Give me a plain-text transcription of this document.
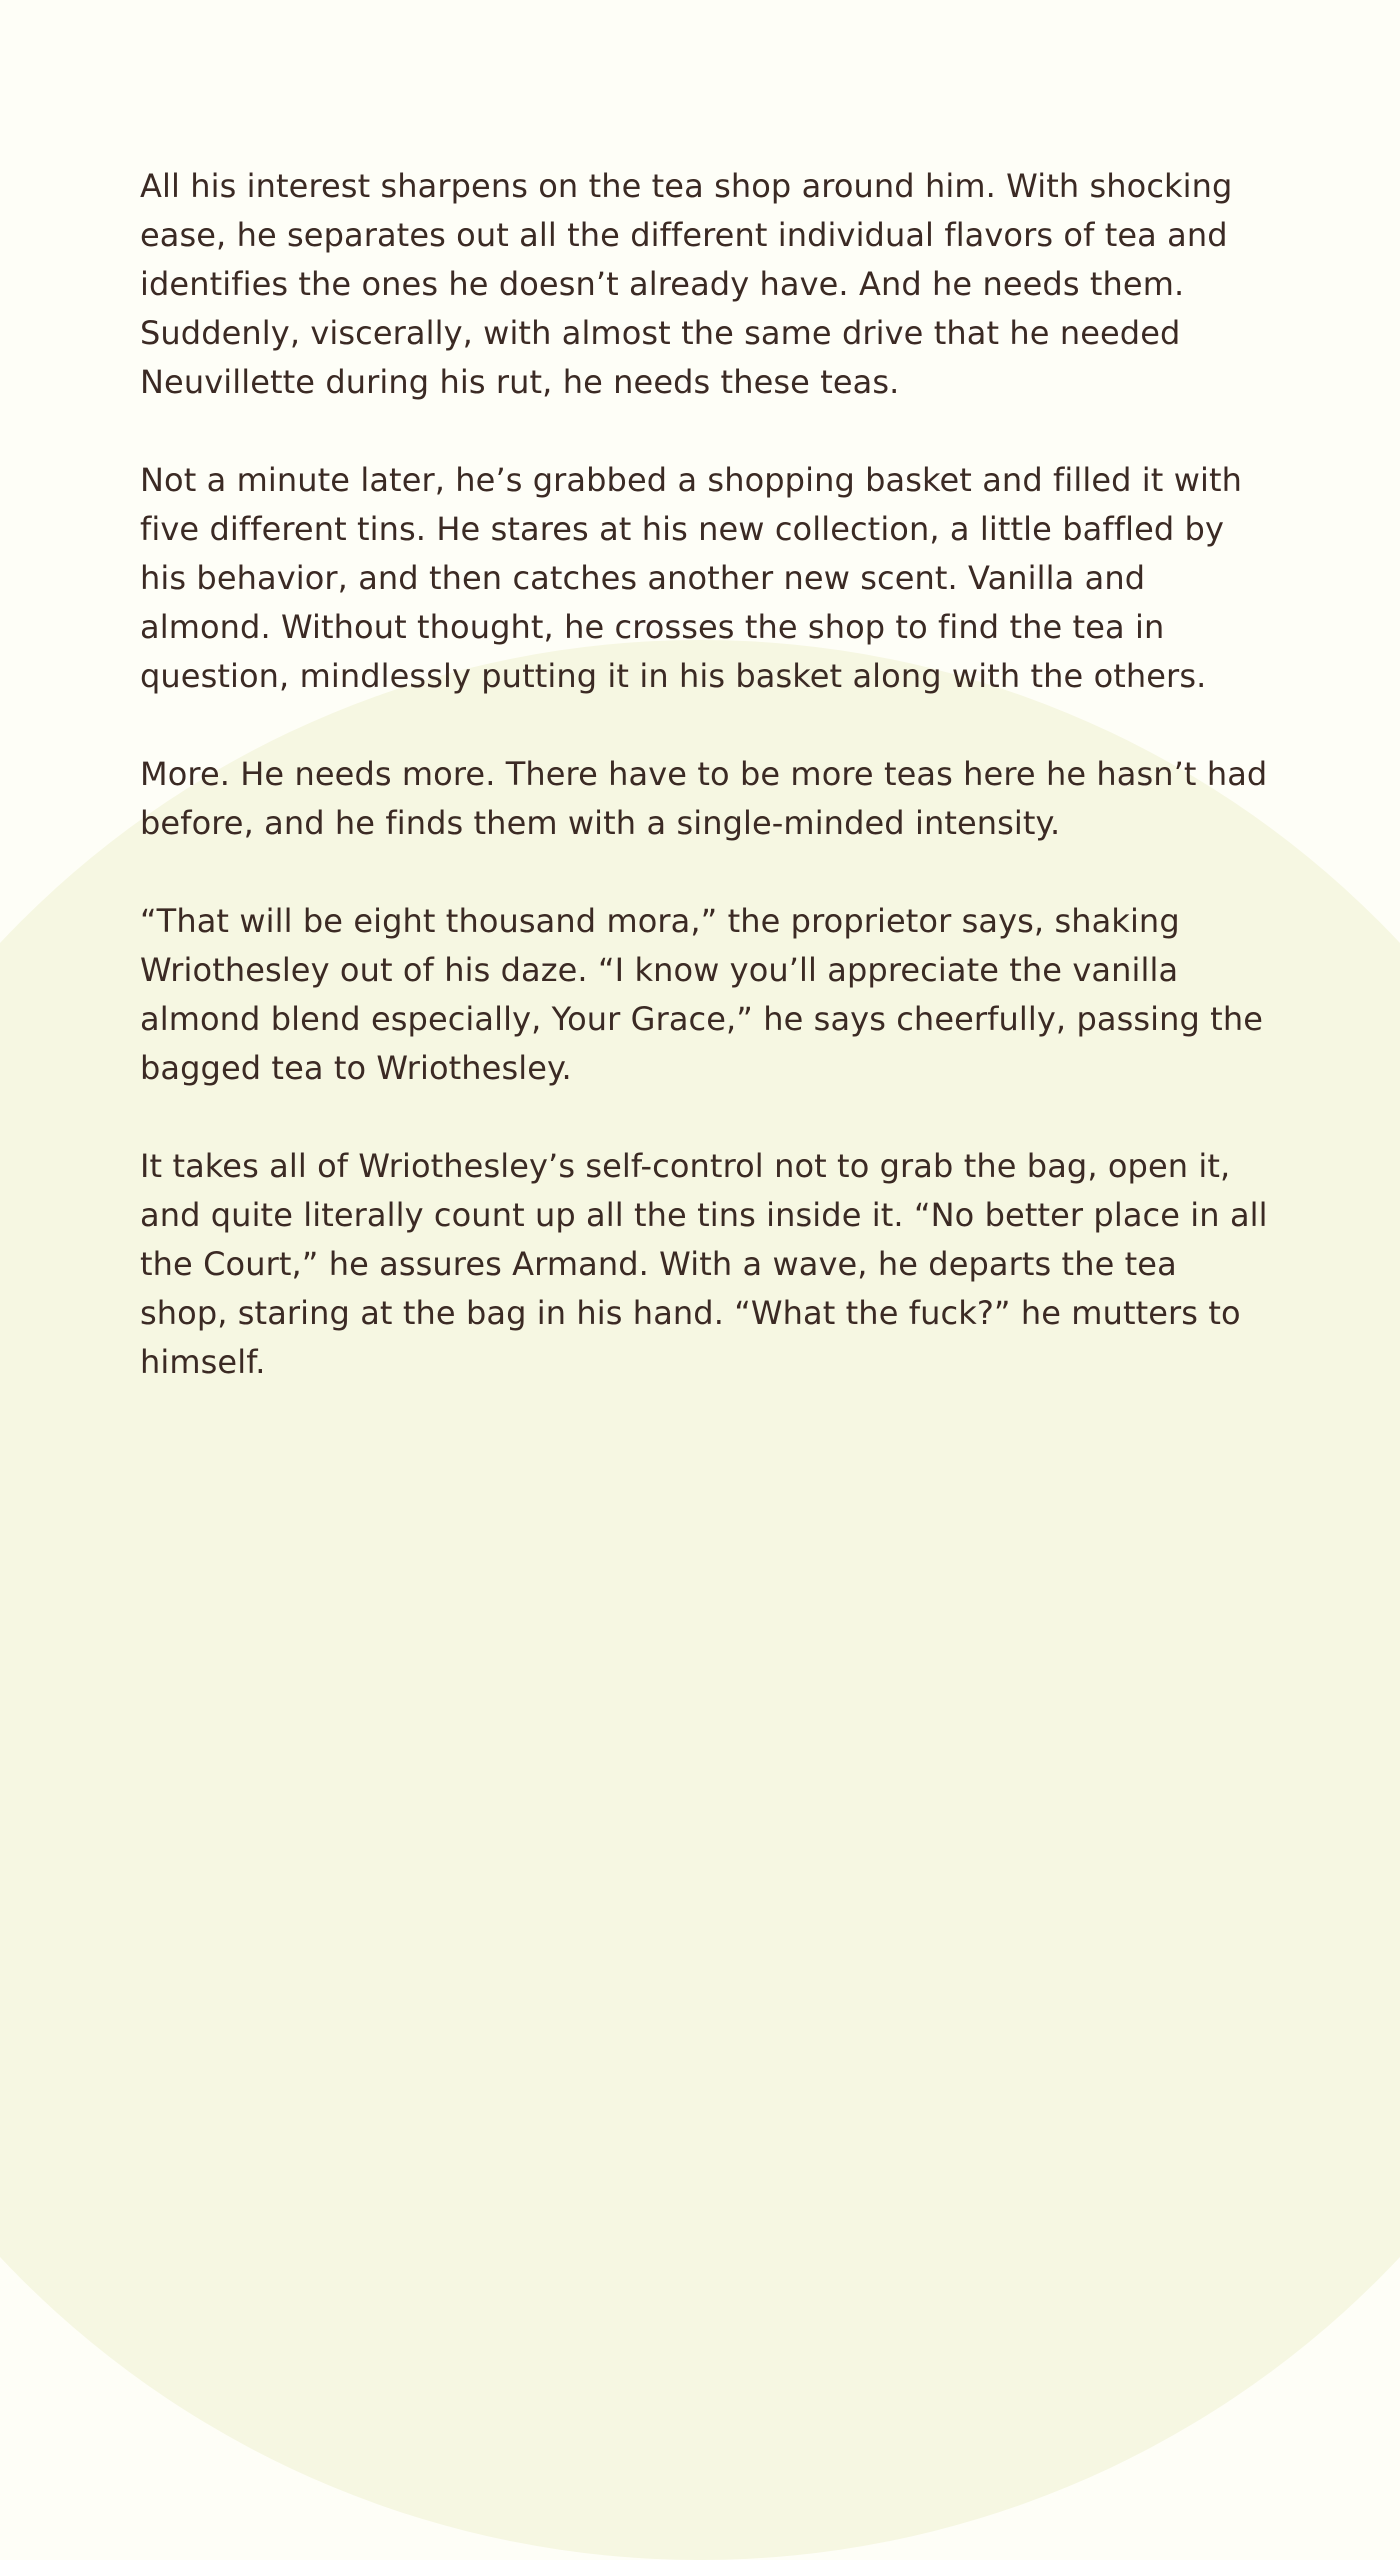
All his interest sharpens on the tea shop around him. With shocking ease, he separates out all the different individual flavors of tea and identifies the ones he doesn’t already have. And he needs them. Suddenly, viscerally, with almost the same drive that he needed Neuvillette during his rut, he needs these teas.

Not a minute later, he’s grabbed a shopping basket and filled it with five different tins. He stares at his new collection, a little baffled by his behavior, and then catches another new scent. Vanilla and almond. Without thought, he crosses the shop to find the tea in question, mindlessly putting it in his basket along with the others.

More. He needs more. There have to be more teas here he hasn’t had before, and he finds them with a single-minded intensity.

“That will be eight thousand mora,” the proprietor says, shaking Wriothesley out of his daze. “I know you’ll appreciate the vanilla almond blend especially, Your Grace,” he says cheerfully, passing the bagged tea to Wriothesley.

It takes all of Wriothesley’s self-control not to grab the bag, open it, and quite literally count up all the tins inside it. “No better place in all the Court,” he assures Armand. With a wave, he departs the tea shop, staring at the bag in his hand. “What the fuck?” he mutters to himself.
